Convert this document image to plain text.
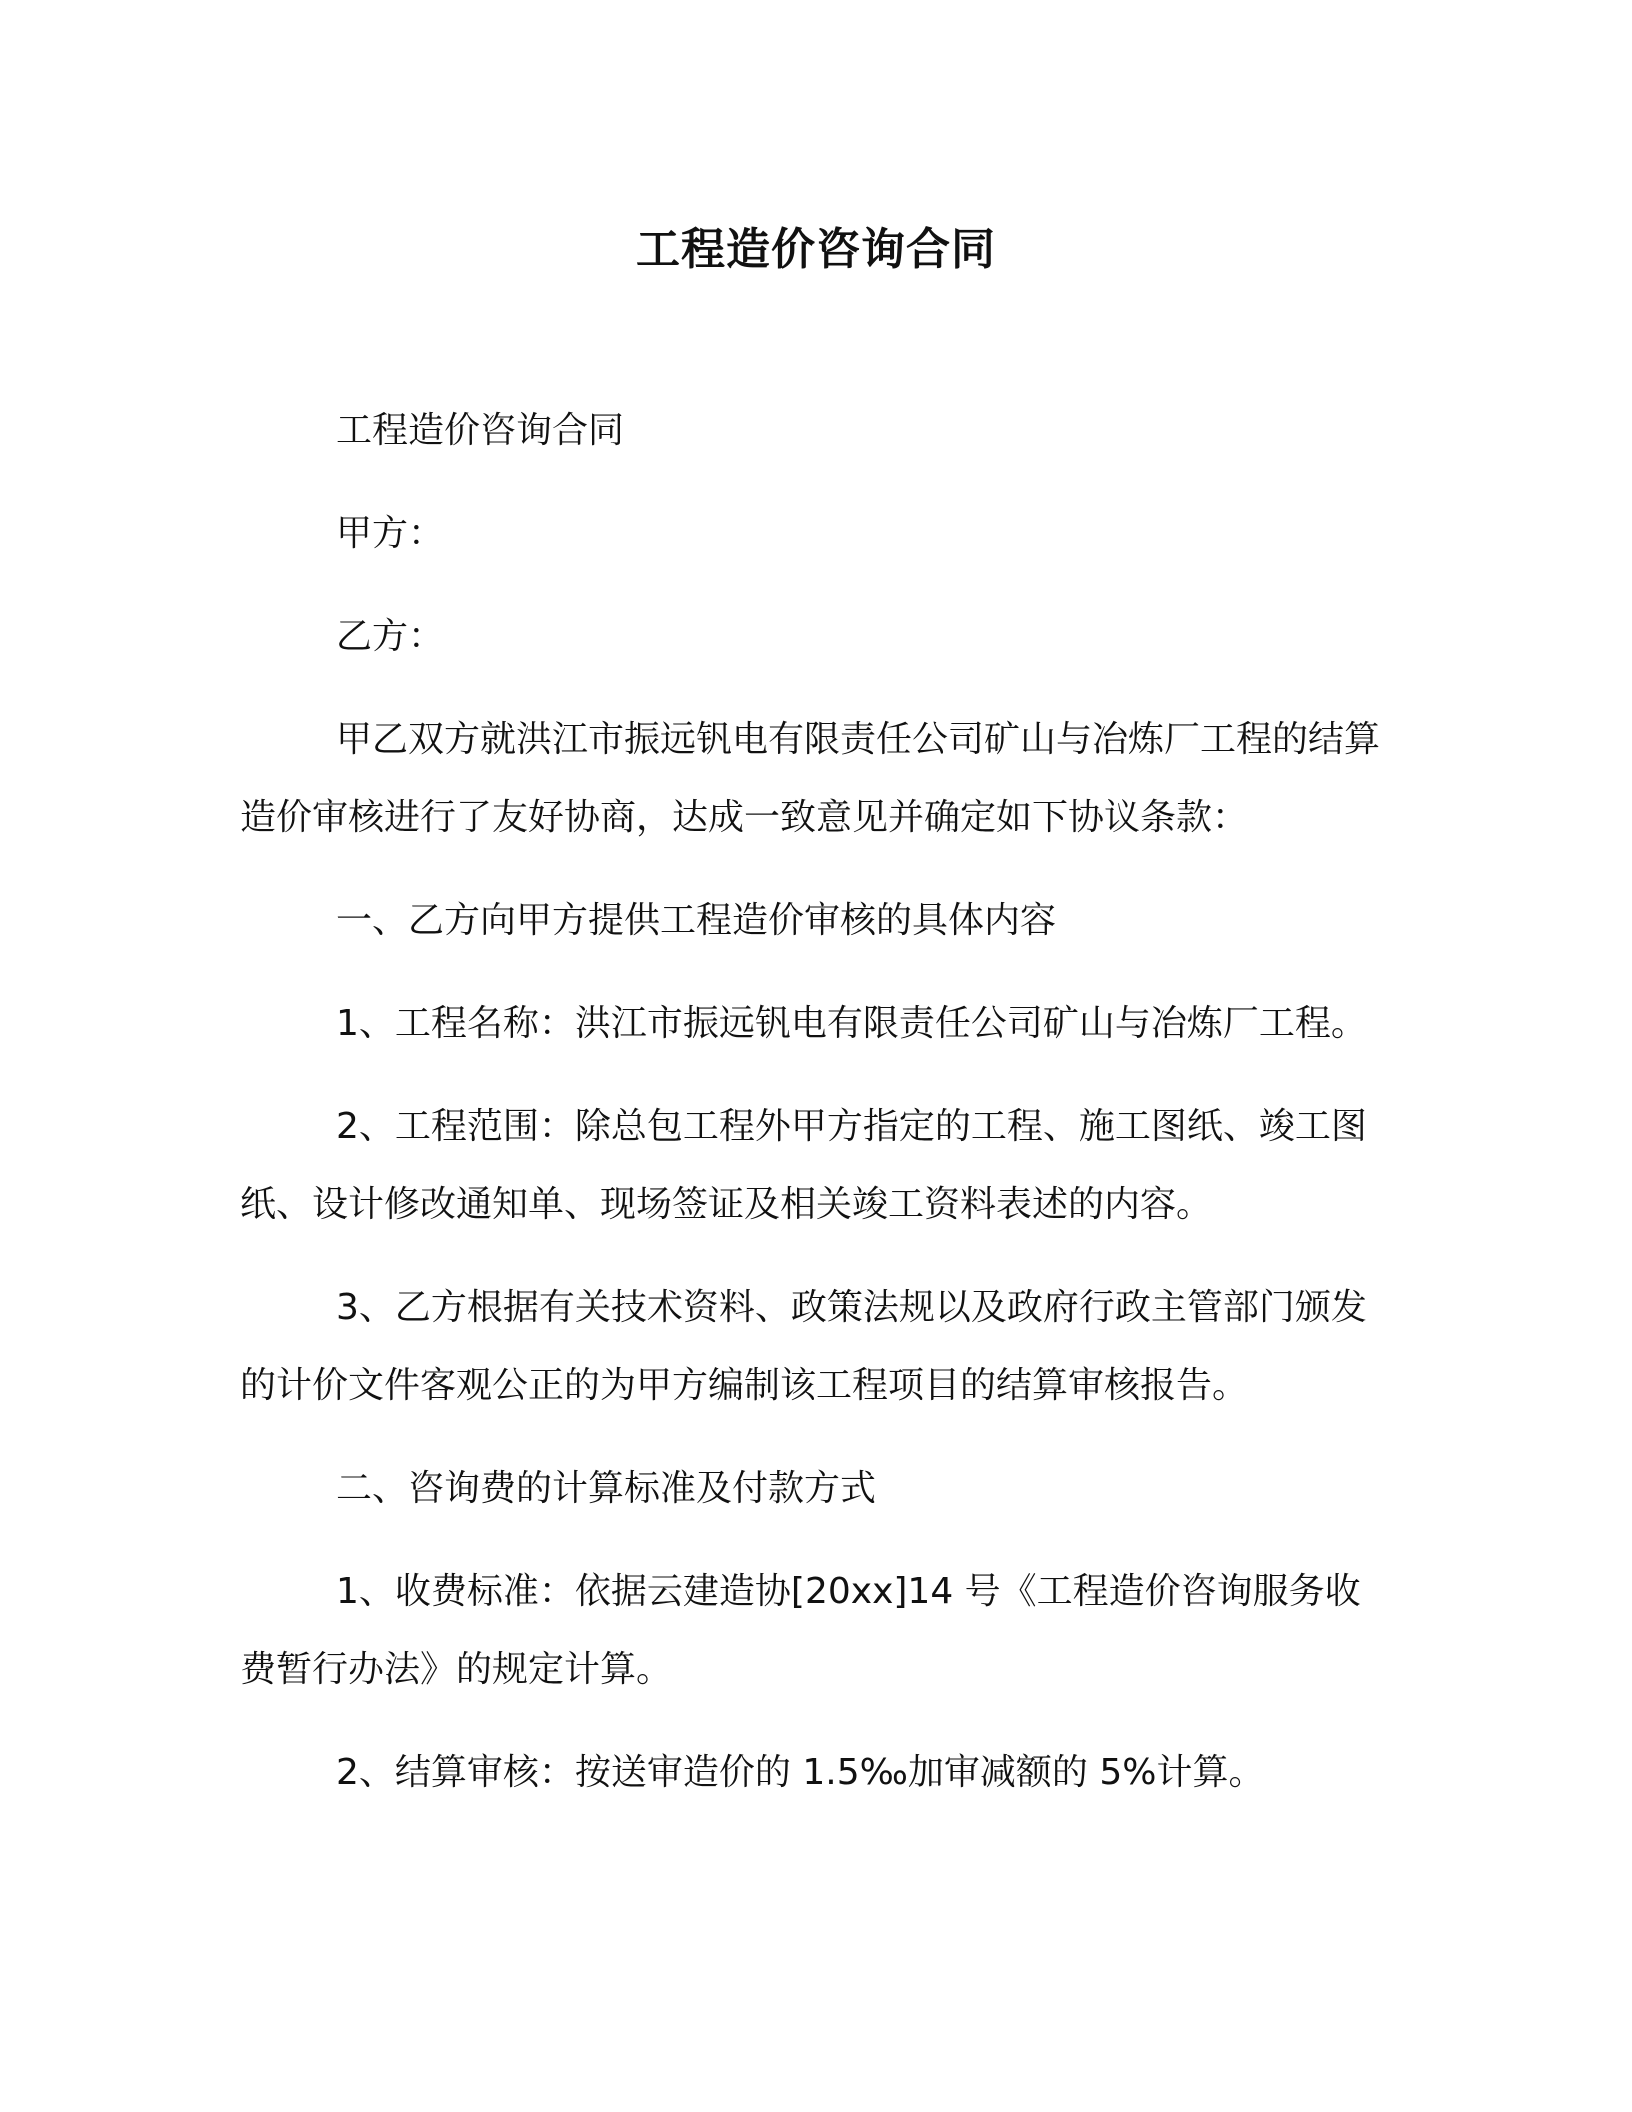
工程造价咨询合同

工程造价咨询合同

甲方：

乙方：

甲乙双方就洪江市振远钒电有限责任公司矿山与冶炼厂工程的结算造价审核进行了友好协商，达成一致意见并确定如下协议条款：

一、乙方向甲方提供工程造价审核的具体内容

1、工程名称：洪江市振远钒电有限责任公司矿山与冶炼厂工程。

2、工程范围：除总包工程外甲方指定的工程、施工图纸、竣工图纸、设计修改通知单、现场签证及相关竣工资料表述的内容。

3、乙方根据有关技术资料、政策法规以及政府行政主管部门颁发的计价文件客观公正的为甲方编制该工程项目的结算审核报告。

二、咨询费的计算标准及付款方式

1、收费标准：依据云建造协[20xx]14 号《工程造价咨询服务收费暂行办法》的规定计算。

2、结算审核：按送审造价的 1.5‰加审减额的 5%计算。
